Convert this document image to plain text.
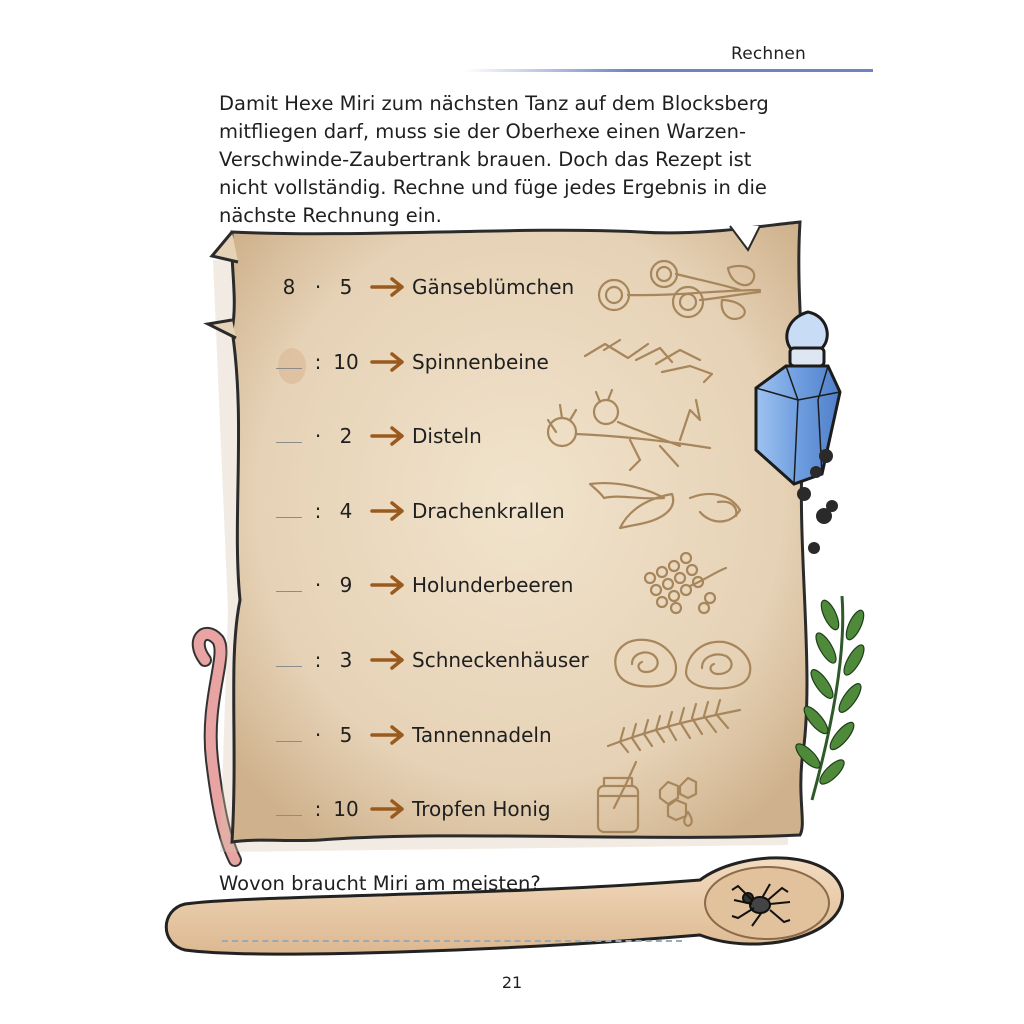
Rechnen
Damit Hexe Miri zum nächsten Tanz auf dem Blocksberg
mitfliegen darf, muss sie der Oberhexe einen Warzen-
Verschwinde-Zaubertrank brauen. Doch das Rezept ist
nicht vollständig. Rechne und füge jedes Ergebnis in die
nächste Rechnung ein.
8 · 5	Gänseblümchen
: 10	Spinnenbeine
· 2	Disteln
: 4	Drachenkrallen
· 9	Holunderbeeren
: 3	Schneckenhäuser
· 5	Tannennadeln
: 10	Tropfen Honig
Wovon braucht Miri am meisten?
21
